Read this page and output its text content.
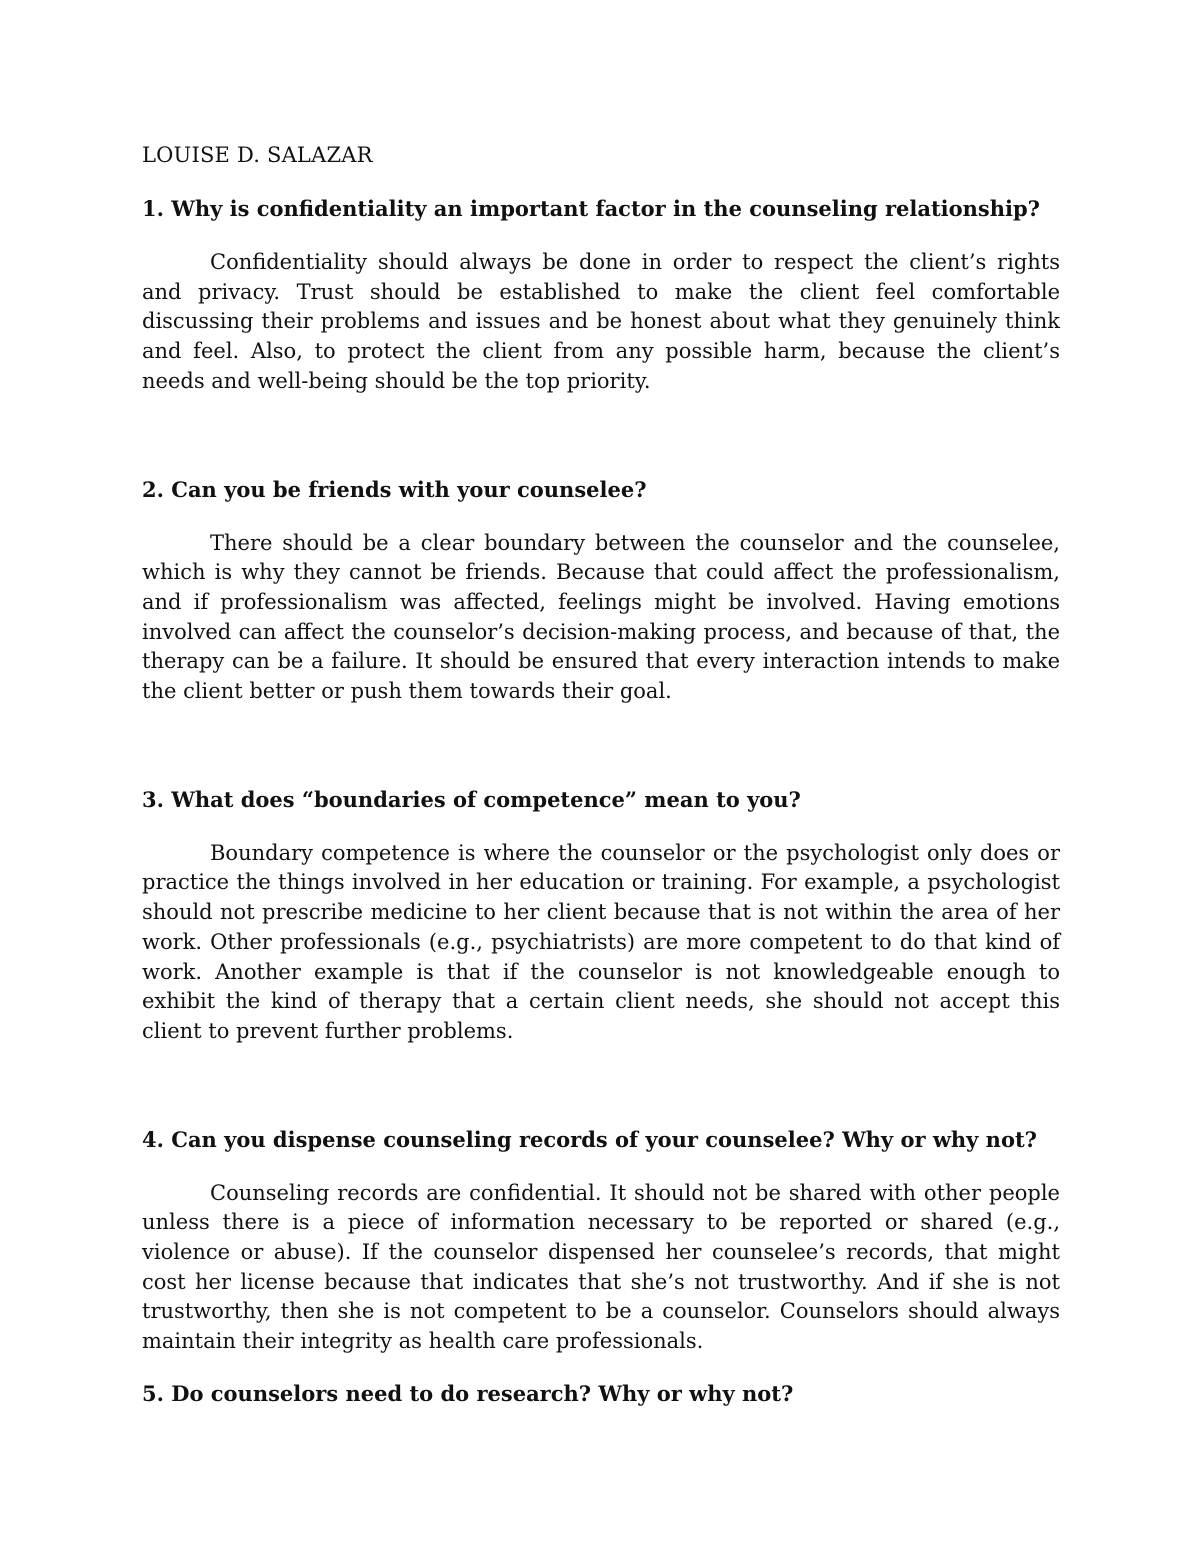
LOUISE D. SALAZAR
1. Why is confidentiality an important factor in the counseling relationship?

Confidentiality should always be done in order to respect the client’s rights and privacy. Trust should be established to make the client feel comfortable discussing their problems and issues and be honest about what they genuinely think and feel. Also, to protect the client from any possible harm, because the client’s needs and well-being should be the top priority.

2. Can you be friends with your counselee?

There should be a clear boundary between the counselor and the counselee, which is why they cannot be friends. Because that could affect the professionalism, and if professionalism was affected, feelings might be involved. Having emotions involved can affect the counselor’s decision-making process, and because of that, the therapy can be a failure. It should be ensured that every interaction intends to make the client better or push them towards their goal.

3. What does “boundaries of competence” mean to you?

Boundary competence is where the counselor or the psychologist only does or practice the things involved in her education or training. For example, a psychologist should not prescribe medicine to her client because that is not within the area of her work. Other professionals (e.g., psychiatrists) are more competent to do that kind of work. Another example is that if the counselor is not knowledgeable enough to exhibit the kind of therapy that a certain client needs, she should not accept this client to prevent further problems.

4. Can you dispense counseling records of your counselee? Why or why not?

Counseling records are confidential. It should not be shared with other people unless there is a piece of information necessary to be reported or shared (e.g., violence or abuse). If the counselor dispensed her counselee’s records, that might cost her license because that indicates that she’s not trustworthy. And if she is not trustworthy, then she is not competent to be a counselor. Counselors should always maintain their integrity as health care professionals.

5. Do counselors need to do research? Why or why not?
